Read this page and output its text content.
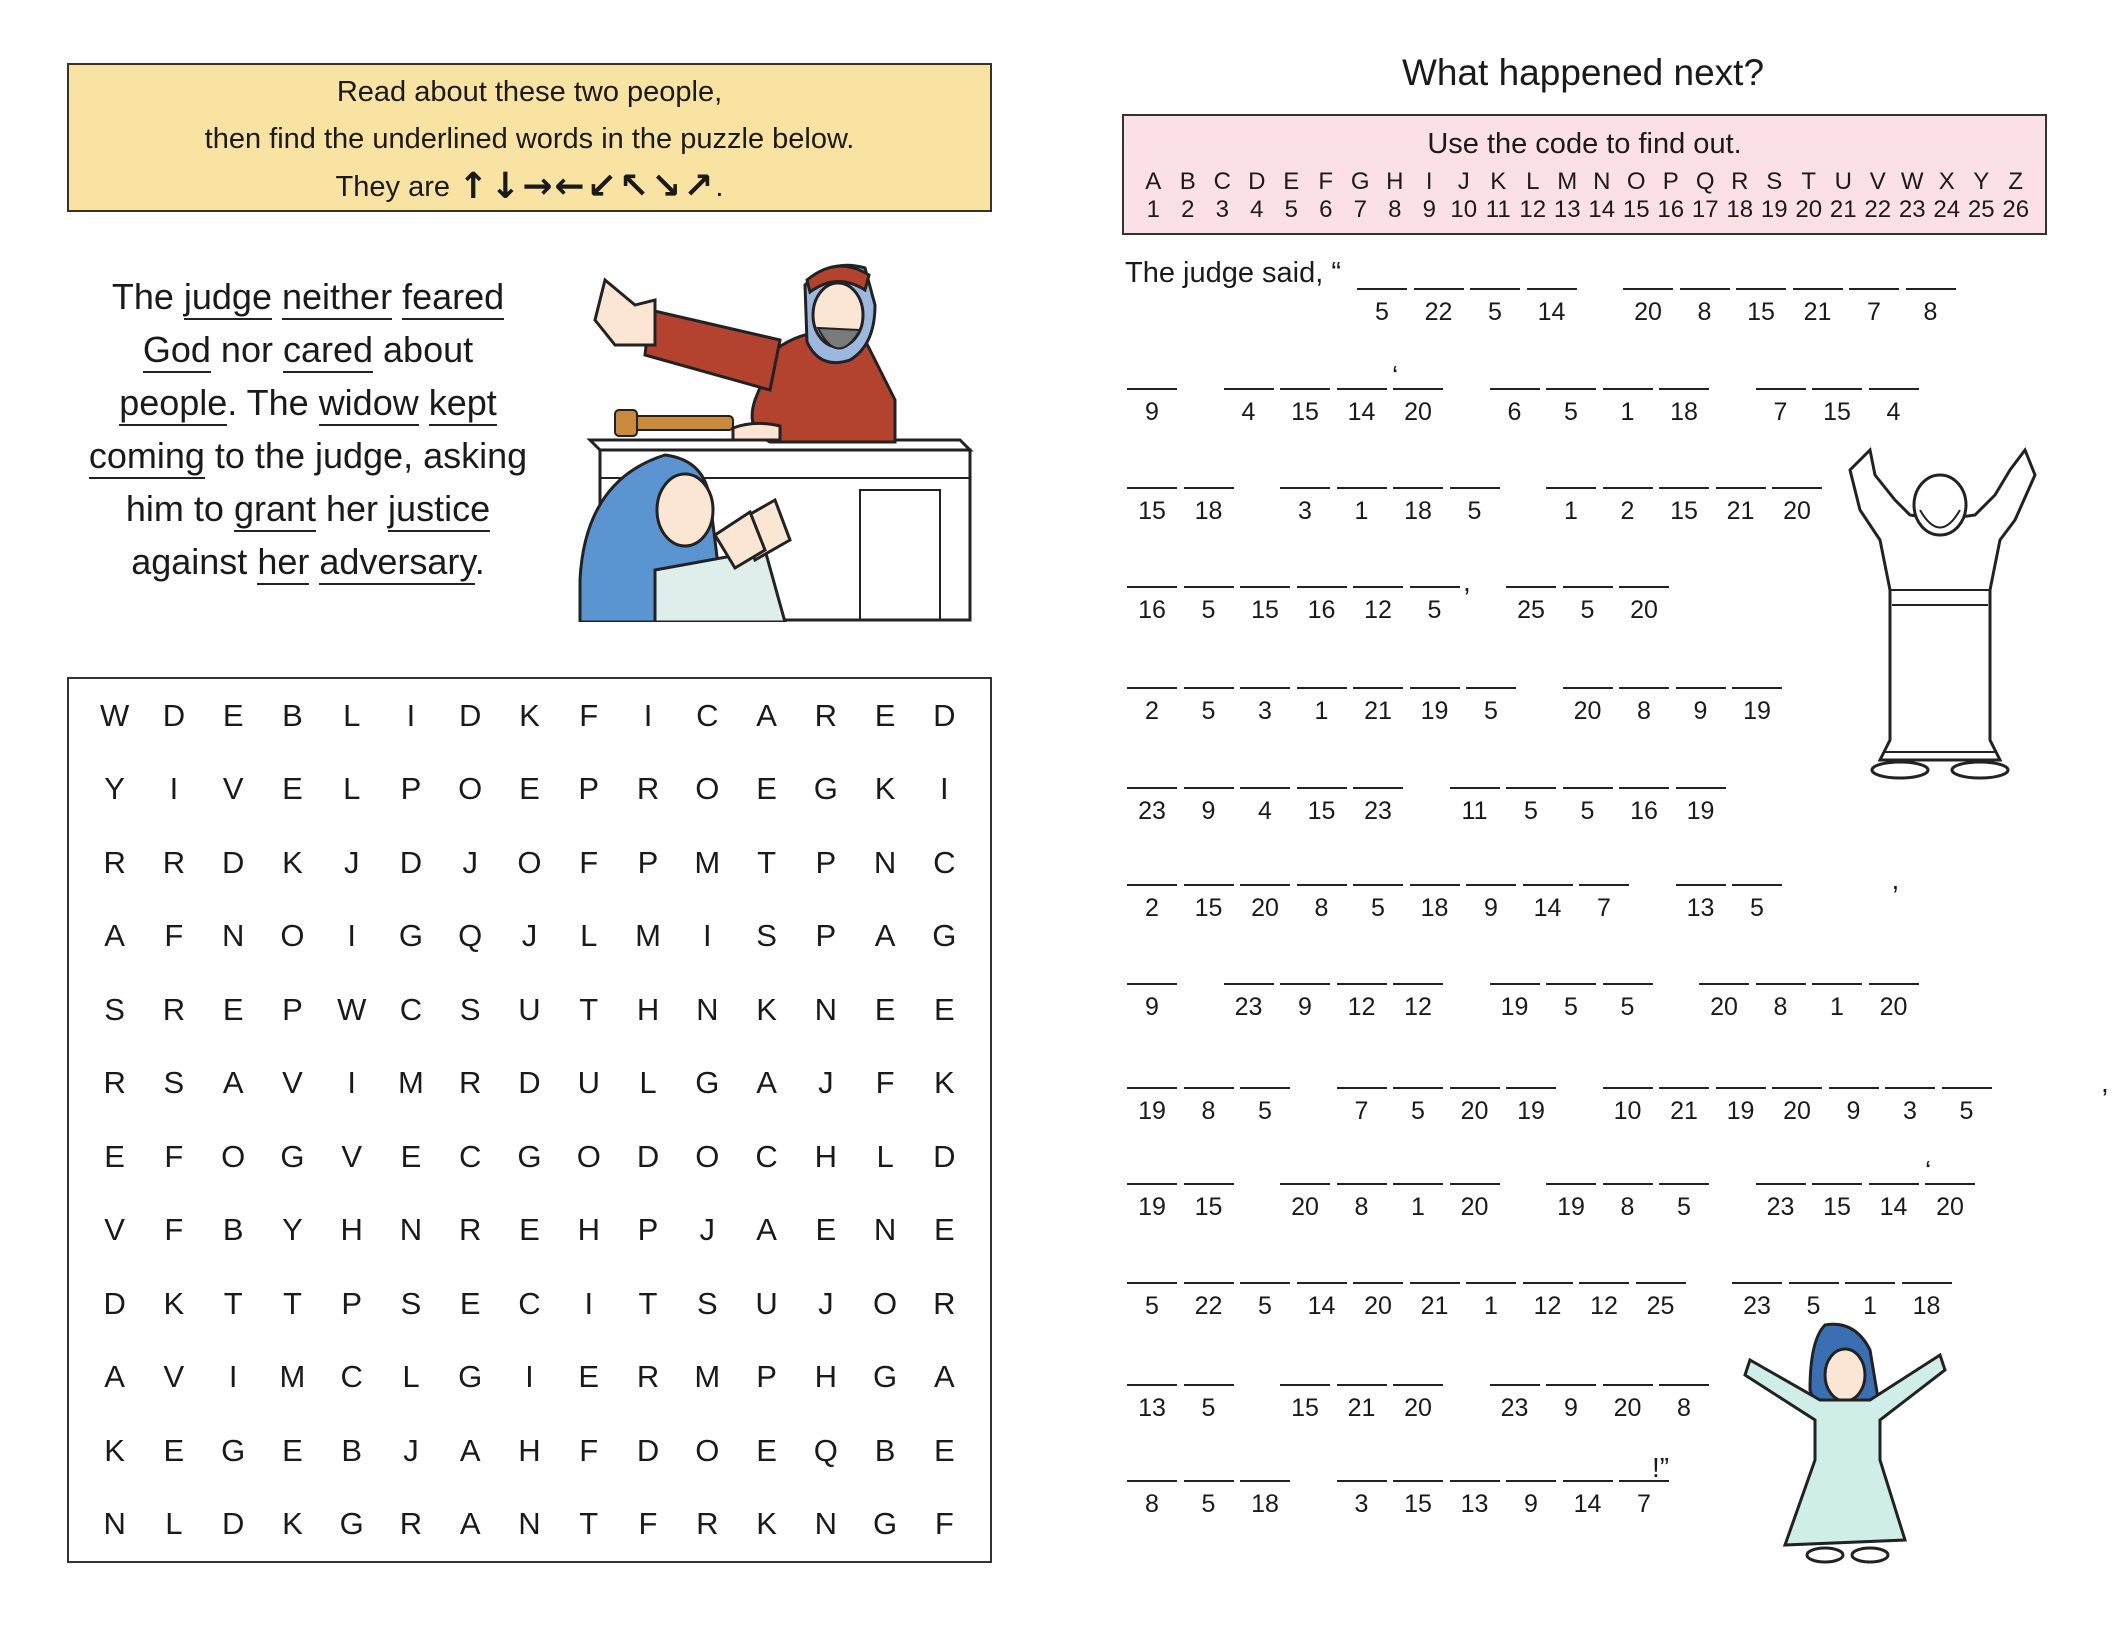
Read about these two people,
then find the underlined words in the puzzle below.
They are ↑↓→←↙↖↘↗.
The judge neither feared
God nor cared about
people. The widow kept
coming to the judge, asking
him to grant her justice
against her adversary.
W	D	E	B	L	I	D	K	F	I	C	A	R	E	D
Y	I	V	E	L	P	O	E	P	R	O	E	G	K	I
R	R	D	K	J	D	J	O	F	P	M	T	P	N	C
A	F	N	O	I	G	Q	J	L	M	I	S	P	A	G
S	R	E	P	W	C	S	U	T	H	N	K	N	E	E
R	S	A	V	I	M	R	D	U	L	G	A	J	F	K
E	F	O	G	V	E	C	G	O	D	O	C	H	L	D
V	F	B	Y	H	N	R	E	H	P	J	A	E	N	E
D	K	T	T	P	S	E	C	I	T	S	U	J	O	R
A	V	I	M	C	L	G	I	E	R	M	P	H	G	A
K	E	G	E	B	J	A	H	F	D	O	E	Q	B	E
N	L	D	K	G	R	A	N	T	F	R	K	N	G	F
What happened next?
Use the code to find out.
A B C D E F G H I	J K L M N O P Q R S T U V W X Y Z
1 2 3 4 5 6 7 8 9 10 11 12 13 14 15 16 17 18 19 20 21 22 23 24 25 26
The judge said, “
5	22	5	14	20	8	15	21	7	8
9	4	15	14	20	6	5	1	18	7	15	4
15	18	3	1	18	5	1	2	15	21	20
16	5	15	16	12	5	25	5	20
2	5	3	1	21	19	5	20	8	9	19
23	9	4	15	23	11	5	5	16	19
2	15	20	8	5	18	9	14	7	13	5
9	23	9	12	12	19	5	5	20	8	1	20
19	8	5	7	5	20	19	10	21	19	20	9	3	5
19	15	20	8	1	20	19	8	5	23	15	14	20
5	22	5	14	20	21	1	12	12	25	23	5	1	18
13	5	15	21	20	23	9	20	8
8	5	18	3	15	13	9	14	7
‘
,
,
,
‘
!”
